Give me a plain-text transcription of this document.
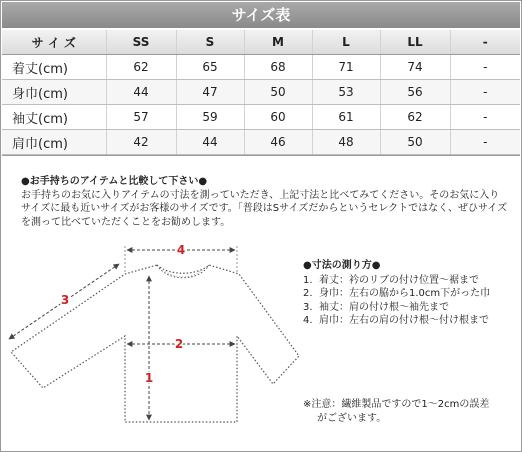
サイズ表
サ イ ズ	SS	S	M	L	LL	-
着丈(cm)	62	65	68	71	74	-
身巾(cm)	44	47	50	53	56	-
袖丈(cm)	57	59	60	61	62	-
肩巾(cm)	42	44	46	48	50	-
●お手持ちのアイテムと比較して下さい●
お手持ちのお気に入りアイテムの寸法を測っていただき、上記寸法と比べてみてください。そのお気に入り
サイズに最も近いサイズがお客様のサイズです。「普段はSサイズだからというセレクトではなく、ぜひサイズ
を測って比べていただくことをお勧めします。
4
3
2
1
●寸法の測り方●
1. 着丈：衿のリブの付け位置～裾まで
2. 身巾：左右の脇から1.0cm下がった巾
3. 袖丈：肩の付け根～袖先まで
4. 肩巾：左右の肩の付け根～付け根まで
※注意：繊維製品ですので1～2cmの誤差
がございます。
